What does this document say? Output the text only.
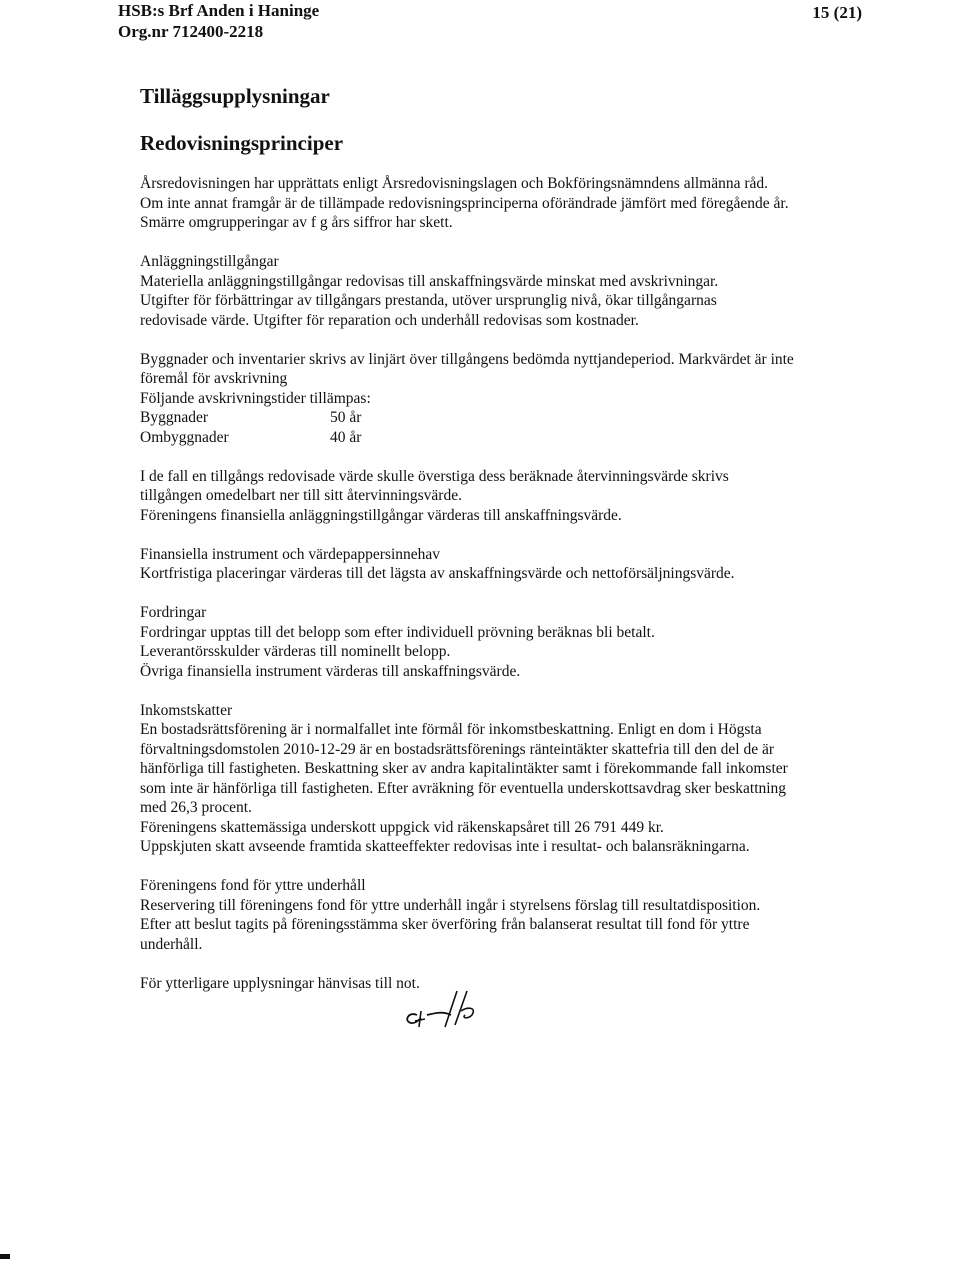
HSB:s Brf Anden i Haninge
Org.nr 712400-2218
15 (21)
Tilläggsupplysningar
Redovisningsprinciper

Årsredovisningen har upprättats enligt Årsredovisningslagen och Bokföringsnämndens allmänna råd.

Om inte annat framgår är de tillämpade redovisningsprinciperna oförändrade jämfört med föregående år.

Smärre omgrupperingar av f g års siffror har skett.

Anläggningstillgångar

Materiella anläggningstillgångar redovisas till anskaffningsvärde minskat med avskrivningar.

Utgifter för förbättringar av tillgångars prestanda, utöver ursprunglig nivå, ökar tillgångarnas

redovisade värde. Utgifter för reparation och underhåll redovisas som kostnader.

Byggnader och inventarier skrivs av linjärt över tillgångens bedömda nyttjandeperiod. Markvärdet är inte

föremål för avskrivning

Följande avskrivningstider tillämpas:

Byggnader	50 år
Ombyggnader	40 år

I de fall en tillgångs redovisade värde skulle överstiga dess beräknade återvinningsvärde skrivs

tillgången omedelbart ner till sitt återvinningsvärde.

Föreningens finansiella anläggningstillgångar värderas till anskaffningsvärde.

Finansiella instrument och värdepappersinnehav

Kortfristiga placeringar värderas till det lägsta av anskaffningsvärde och nettoförsäljningsvärde.

Fordringar

Fordringar upptas till det belopp som efter individuell prövning beräknas bli betalt.

Leverantörsskulder värderas till nominellt belopp.

Övriga finansiella instrument värderas till anskaffningsvärde.

Inkomstskatter

En bostadsrättsförening är i normalfallet inte förmål för inkomstbeskattning. Enligt en dom i Högsta

förvaltningsdomstolen 2010-12-29 är en bostadsrättsförenings ränteintäkter skattefria till den del de är

hänförliga till fastigheten. Beskattning sker av andra kapitalintäkter samt i förekommande fall inkomster

som inte är hänförliga till fastigheten. Efter avräkning för eventuella underskottsavdrag sker beskattning

med 26,3 procent.

Föreningens skattemässiga underskott uppgick vid räkenskapsåret till 26 791 449 kr.

Uppskjuten skatt avseende framtida skatteeffekter redovisas inte i resultat- och balansräkningarna.

Föreningens fond för yttre underhåll

Reservering till föreningens fond för yttre underhåll ingår i styrelsens förslag till resultatdisposition.

Efter att beslut tagits på föreningsstämma sker överföring från balanserat resultat till fond för yttre

underhåll.

För ytterligare upplysningar hänvisas till not.
